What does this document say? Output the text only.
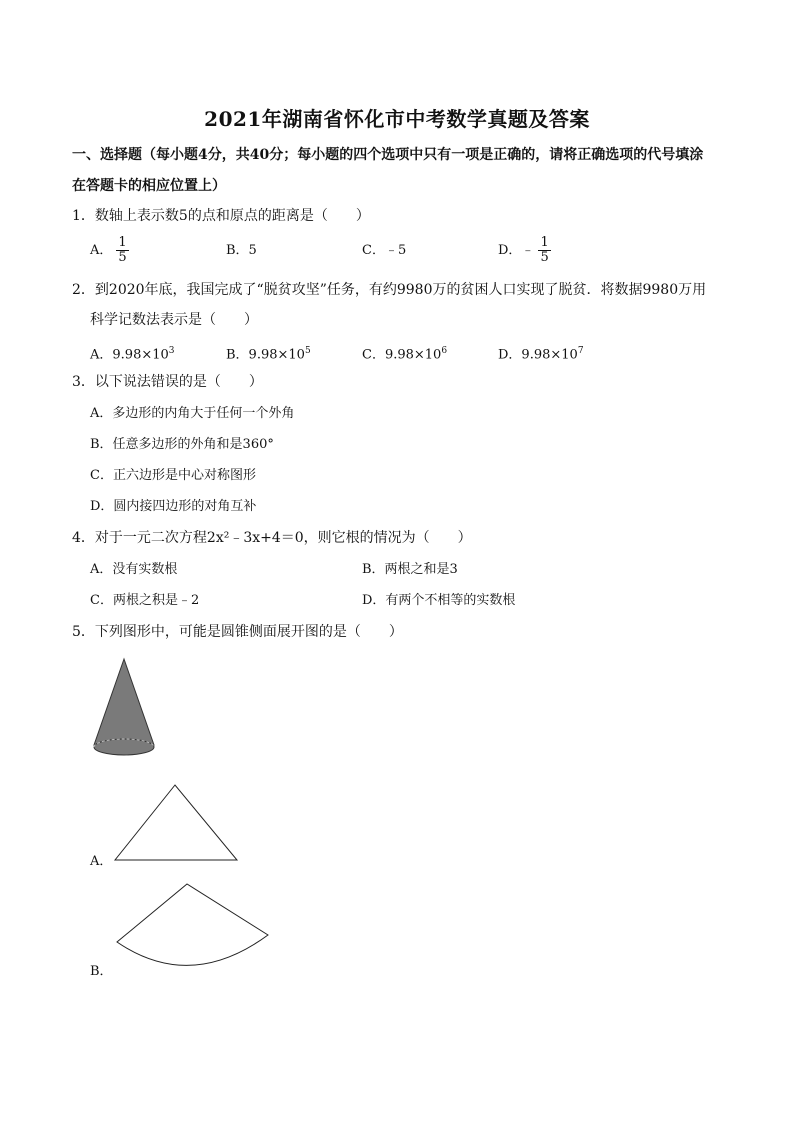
2021年湖南省怀化市中考数学真题及答案
一、选择题（每小题4分，共40分；每小题的四个选项中只有一项是正确的，请将正确选项的代号填涂
在答题卡的相应位置上）
1．数轴上表示数5的点和原点的距离是（　　）
A． $\frac{1}{5}$	B．5	C．﹣5	D．﹣ $\frac{1}{5}$
2．到2020年底，我国完成了“脱贫攻坚”任务，有约9980万的贫困人口实现了脱贫．将数据9980万用
科学记数法表示是（　　）
A．$9.98\times 10^3$	B．$9.98\times 10^5$	C．$9.98\times 10^6$	D．$9.98\times 10^7$
3．以下说法错误的是（　　）
A．多边形的内角大于任何一个外角
B．任意多边形的外角和是360°
C．正六边形是中心对称图形
D．圆内接四边形的对角互补
4．对于一元二次方程2x²﹣3x+4＝0，则它根的情况为（　　）
A．没有实数根	B．两根之和是3
C．两根之积是﹣2	D．有两个不相等的实数根
5．下列图形中，可能是圆锥侧面展开图的是（　　）
A．
B．
